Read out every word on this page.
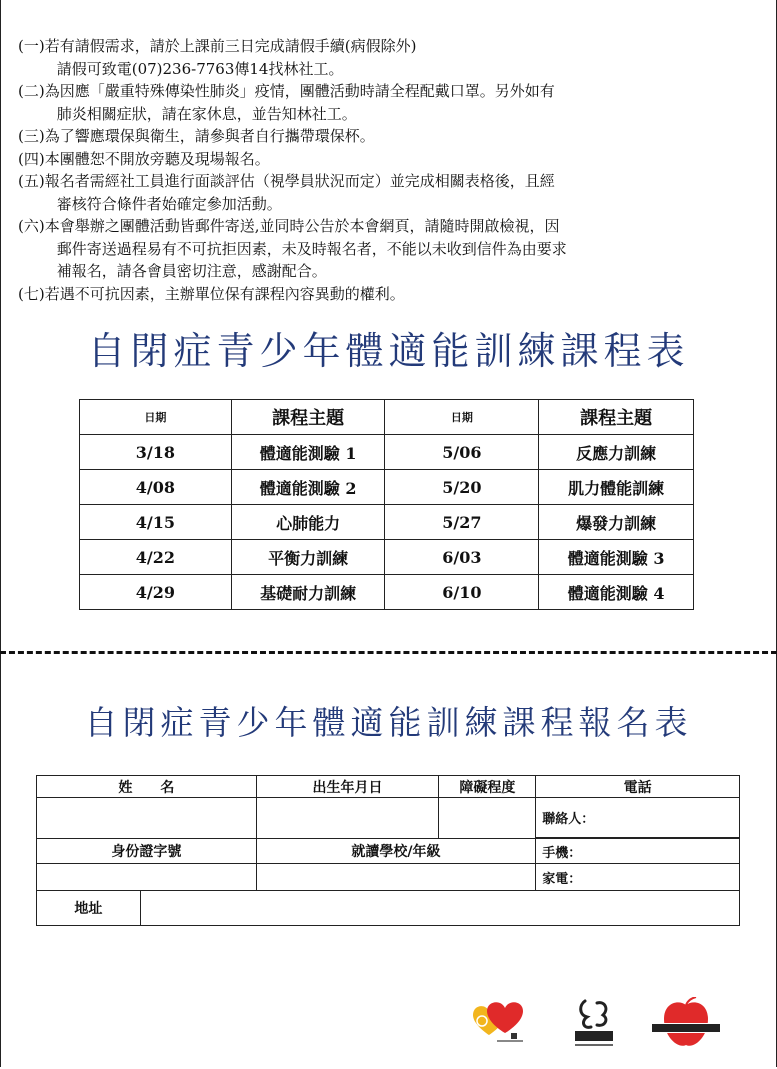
(一) 若有請假需求，請於上課前三日完成請假手續(病假除外)
請假可致電(07)236-7763傳14找林社工。
(二) 為因應「嚴重特殊傳染性肺炎」疫情，團體活動時請全程配戴口罩。另外如有
肺炎相關症狀，請在家休息，並告知林社工。
(三) 為了響應環保與衛生，請參與者自行攜帶環保杯。
(四) 本團體恕不開放旁聽及現場報名。
(五) 報名者需經社工員進行面談評估（視學員狀況而定）並完成相關表格後，且經
審核符合條件者始確定參加活動。
(六) 本會舉辦之團體活動皆郵件寄送,並同時公告於本會網頁，請隨時開啟檢視，因
郵件寄送過程易有不可抗拒因素，未及時報名者，不能以未收到信件為由要求
補報名，請各會員密切注意，感謝配合。
(七) 若遇不可抗因素，主辦單位保有課程內容異動的權利。
自閉症青少年體適能訓練課程表
日期	課程主題	日期	課程主題
3/18	體適能測驗 1	5/06	反應力訓練
4/08	體適能測驗 2	5/20	肌力體能訓練
4/15	心肺能力	5/27	爆發力訓練
4/22	平衡力訓練	6/03	體適能測驗 3
4/29	基礎耐力訓練	6/10	體適能測驗 4
自閉症青少年體適能訓練課程報名表
姓　　名		出生年月日	障礙程度	電話
				聯絡人：

身份證字號		就讀學校/年級		手機：

				家電：
地址				
